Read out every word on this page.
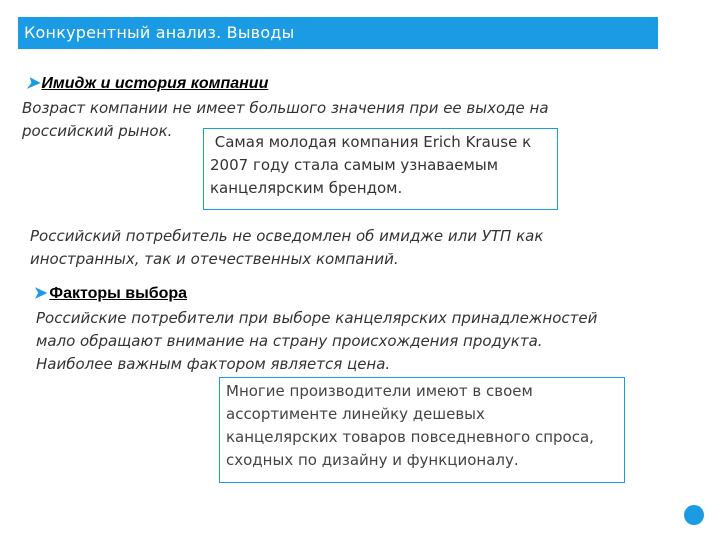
Конкурентный анализ. Выводы
➤ Имидж и история компании
Возраст компании не имеет большого значения при ее выходе на
российский рынок.
Самая молодая компания Erich Krause к
2007 году стала самым узнаваемым
канцелярским брендом.
Российский потребитель не осведомлен об имидже или УТП как
иностранных, так и отечественных компаний.
➤ Факторы выбора
Российские потребители при выборе канцелярских принадлежностей
мало обращают внимание на страну происхождения продукта.
Наиболее важным фактором является цена.
Многие производители имеют в своем
ассортименте линейку дешевых
канцелярских товаров повседневного спроса,
сходных по дизайну и функционалу.
